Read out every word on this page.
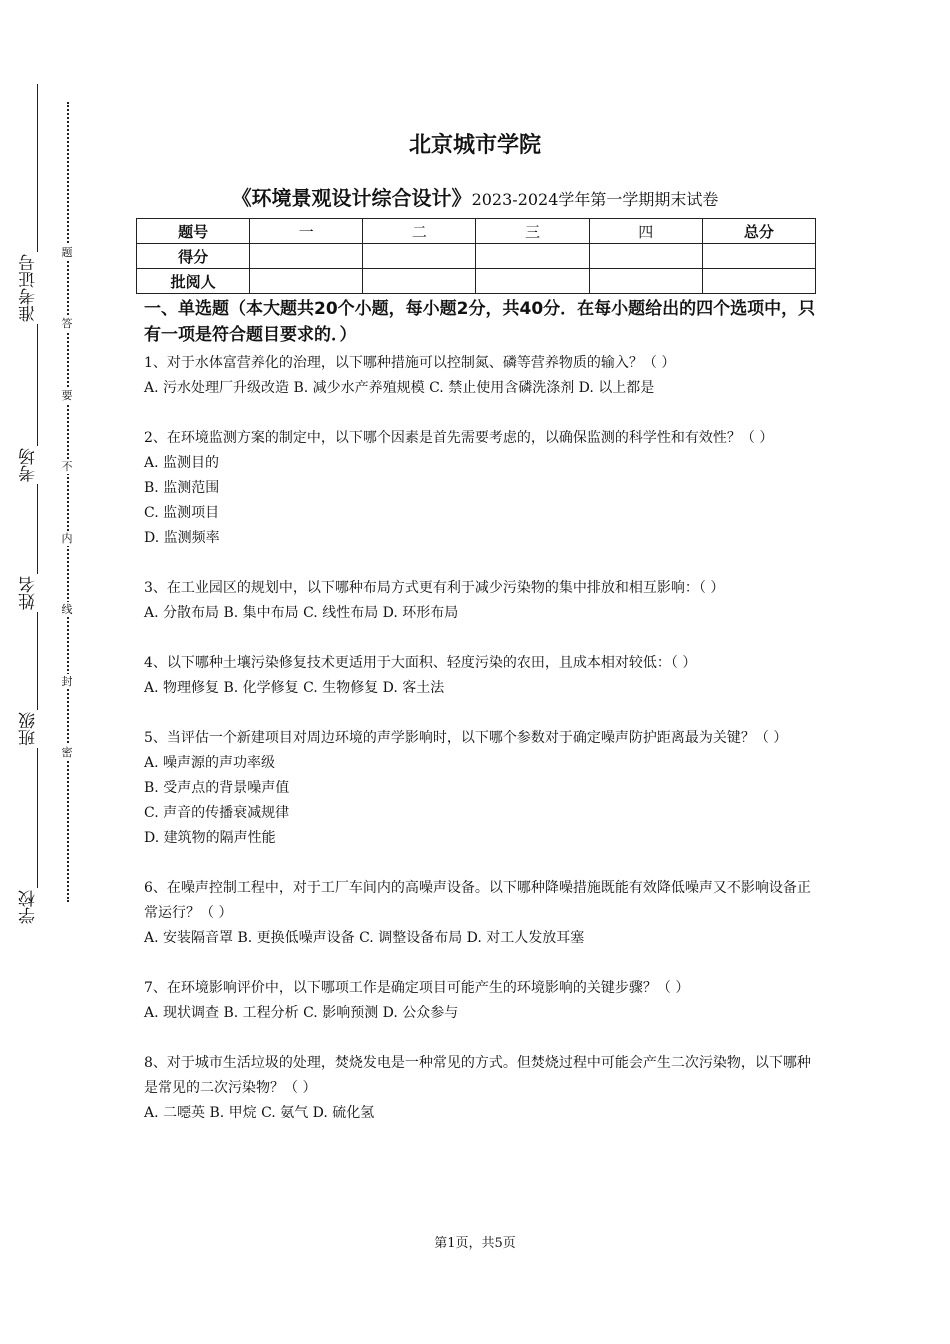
准考证号
考场
姓名
班级
学校
题
答
要
不
内
线
封
密
北京城市学院
《环境景观设计综合设计》2023-2024学年第一学期期末试卷
题号	一	二	三	四	总分
得分					
批阅人					
一、单选题（本大题共20个小题，每小题2分，共40分．在每小题给出的四个选项中，只有一项是符合题目要求的．）

1、对于水体富营养化的治理，以下哪种措施可以控制氮、磷等营养物质的输入？（ ）

A. 污水处理厂升级改造 B. 减少水产养殖规模 C. 禁止使用含磷洗涤剂 D. 以上都是

2、在环境监测方案的制定中，以下哪个因素是首先需要考虑的，以确保监测的科学性和有效性？（ ）

A. 监测目的

B. 监测范围

C. 监测项目

D. 监测频率

3、在工业园区的规划中，以下哪种布局方式更有利于减少污染物的集中排放和相互影响：（ ）

A. 分散布局 B. 集中布局 C. 线性布局 D. 环形布局

4、以下哪种土壤污染修复技术更适用于大面积、轻度污染的农田，且成本相对较低：（ ）

A. 物理修复 B. 化学修复 C. 生物修复 D. 客土法

5、当评估一个新建项目对周边环境的声学影响时，以下哪个参数对于确定噪声防护距离最为关键？（ ）

A. 噪声源的声功率级

B. 受声点的背景噪声值

C. 声音的传播衰减规律

D. 建筑物的隔声性能

6、在噪声控制工程中，对于工厂车间内的高噪声设备。以下哪种降噪措施既能有效降低噪声又不影响设备正常运行？（ ）

A. 安装隔音罩 B. 更换低噪声设备 C. 调整设备布局 D. 对工人发放耳塞

7、在环境影响评价中，以下哪项工作是确定项目可能产生的环境影响的关键步骤？（ ）

A. 现状调查 B. 工程分析 C. 影响预测 D. 公众参与

8、对于城市生活垃圾的处理，焚烧发电是一种常见的方式。但焚烧过程中可能会产生二次污染物，以下哪种是常见的二次污染物？（ ）

A. 二噁英 B. 甲烷 C. 氨气 D. 硫化氢

第1页，共5页
